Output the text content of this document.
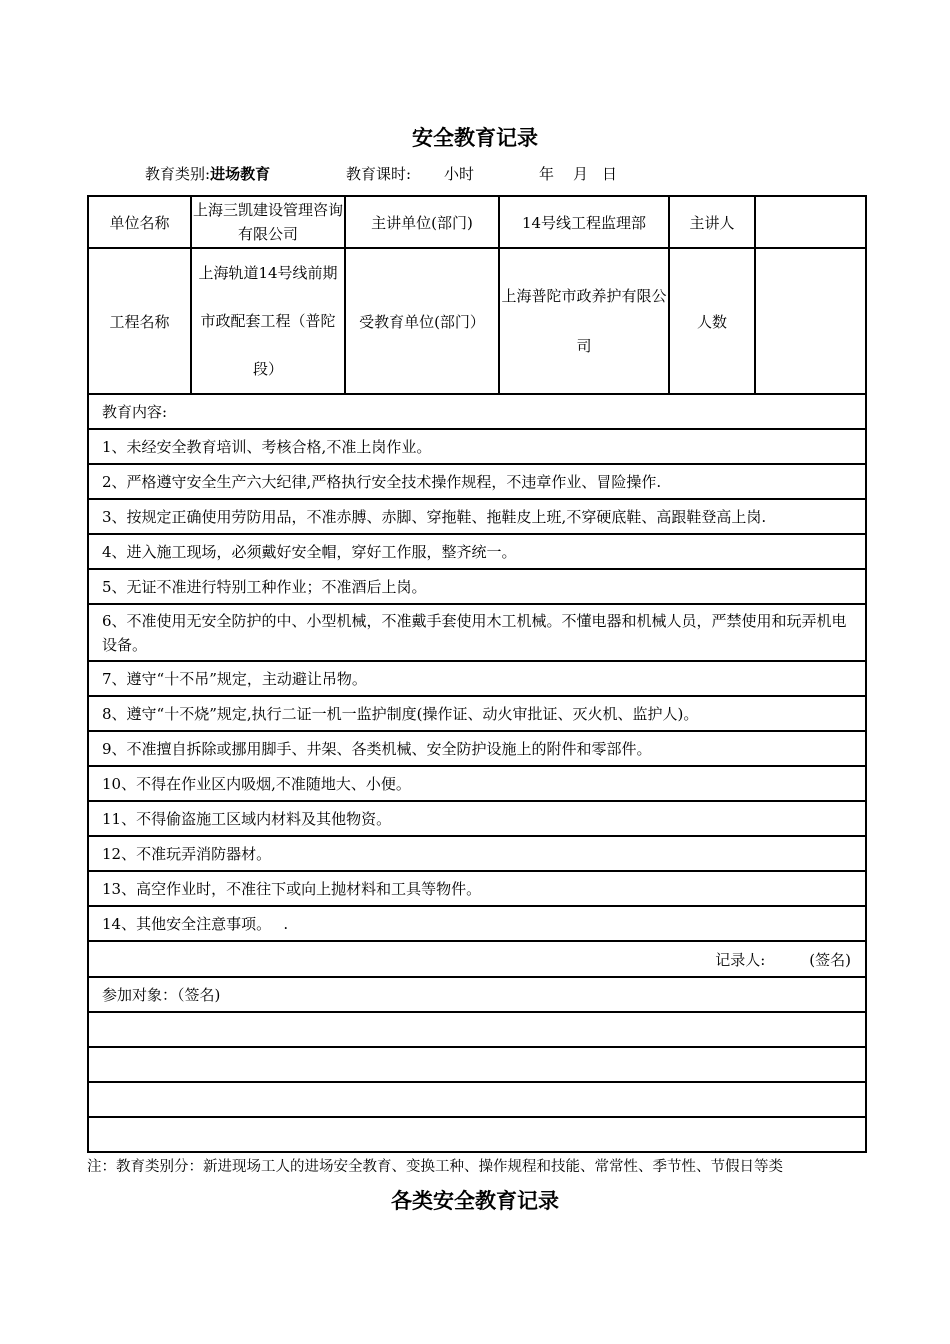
安全教育记录
教育类别:进场教育	教育课时: 小时	年 月 日
单位名称	上海三凯建设管理咨询有限公司	主讲单位(部门)	14号线工程监理部	主讲人	
工程名称	上海轨道14号线前期市政配套工程（普陀段）	受教育单位(部门）	上海普陀市政养护有限公司	人数	
教育内容:					
1、未经安全教育培训、考核合格,不准上岗作业。					
2、严格遵守安全生产六大纪律,严格执行安全技术操作规程，不违章作业、冒险操作.					
3、按规定正确使用劳防用品，不准赤膊、赤脚、穿拖鞋、拖鞋皮上班,不穿硬底鞋、高跟鞋登高上岗.					
4、进入施工现场，必须戴好安全帽，穿好工作服，整齐统一。					
5、无证不准进行特别工种作业；不准酒后上岗。					
6、不准使用无安全防护的中、小型机械，不准戴手套使用木工机械。不懂电器和机械人员，严禁使用和玩弄机电设备。					
7、遵守“十不吊”规定，主动避让吊物。					
8、遵守“十不烧”规定,执行二证一机一监护制度(操作证、动火审批证、灭火机、监护人)。					
9、不准擅自拆除或挪用脚手、井架、各类机械、安全防护设施上的附件和零部件。					
10、不得在作业区内吸烟,不准随地大、小便。					
11、不得偷盗施工区域内材料及其他物资。					
12、不准玩弄消防器材。					
13、高空作业时，不准往下或向上抛材料和工具等物件。					
14、其他安全注意事项。　 .					
记录人: (签名)					
参加对象：（签名)					

注：教育类别分：新进现场工人的进场安全教育、变换工种、操作规程和技能、常常性、季节性、节假日等类
各类安全教育记录
